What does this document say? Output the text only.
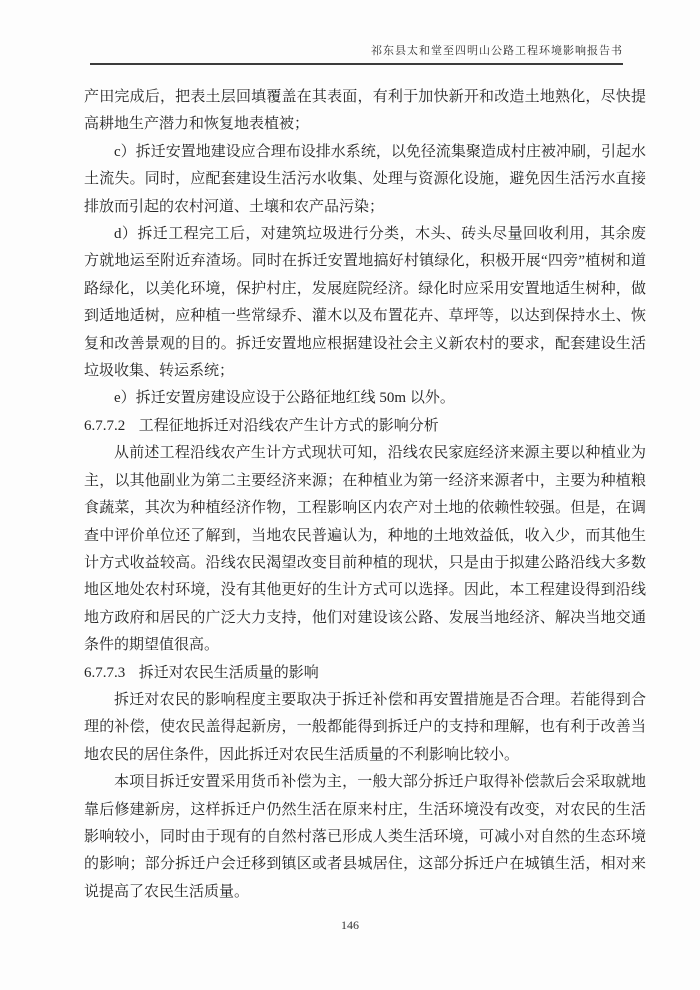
祁东县太和堂至四明山公路工程环境影响报告书

产田完成后，把表土层回填覆盖在其表面，有利于加快新开和改造土地熟化，尽快提高耕地生产潜力和恢复地表植被；

c）拆迁安置地建设应合理布设排水系统，以免径流集聚造成村庄被冲刷，引起水土流失。同时，应配套建设生活污水收集、处理与资源化设施，避免因生活污水直接排放而引起的农村河道、土壤和农产品污染；

d）拆迁工程完工后，对建筑垃圾进行分类，木头、砖头尽量回收利用，其余废方就地运至附近弃渣场。同时在拆迁安置地搞好村镇绿化，积极开展“四旁”植树和道路绿化，以美化环境，保护村庄，发展庭院经济。绿化时应采用安置地适生树种，做到适地适树，应种植一些常绿乔、灌木以及布置花卉、草坪等，以达到保持水土、恢复和改善景观的目的。拆迁安置地应根据建设社会主义新农村的要求，配套建设生活垃圾收集、转运系统；

e）拆迁安置房建设应设于公路征地红线 50m 以外。

6.7.7.2 工程征地拆迁对沿线农产生计方式的影响分析

从前述工程沿线农产生计方式现状可知，沿线农民家庭经济来源主要以种植业为主，以其他副业为第二主要经济来源；在种植业为第一经济来源者中，主要为种植粮食蔬菜，其次为种植经济作物，工程影响区内农产对土地的依赖性较强。但是，在调查中评价单位还了解到，当地农民普遍认为，种地的土地效益低，收入少，而其他生计方式收益较高。沿线农民渴望改变目前种植的现状，只是由于拟建公路沿线大多数地区地处农村环境，没有其他更好的生计方式可以选择。因此，本工程建设得到沿线地方政府和居民的广泛大力支持，他们对建设该公路、发展当地经济、解决当地交通条件的期望值很高。

6.7.7.3 拆迁对农民生活质量的影响

拆迁对农民的影响程度主要取决于拆迁补偿和再安置措施是否合理。若能得到合理的补偿，使农民盖得起新房，一般都能得到拆迁户的支持和理解，也有利于改善当地农民的居住条件，因此拆迁对农民生活质量的不利影响比较小。

本项目拆迁安置采用货币补偿为主，一般大部分拆迁户取得补偿款后会采取就地靠后修建新房，这样拆迁户仍然生活在原来村庄，生活环境没有改变，对农民的生活影响较小，同时由于现有的自然村落已形成人类生活环境，可减小对自然的生态环境的影响；部分拆迁户会迁移到镇区或者县城居住，这部分拆迁户在城镇生活，相对来说提高了农民生活质量。

146
